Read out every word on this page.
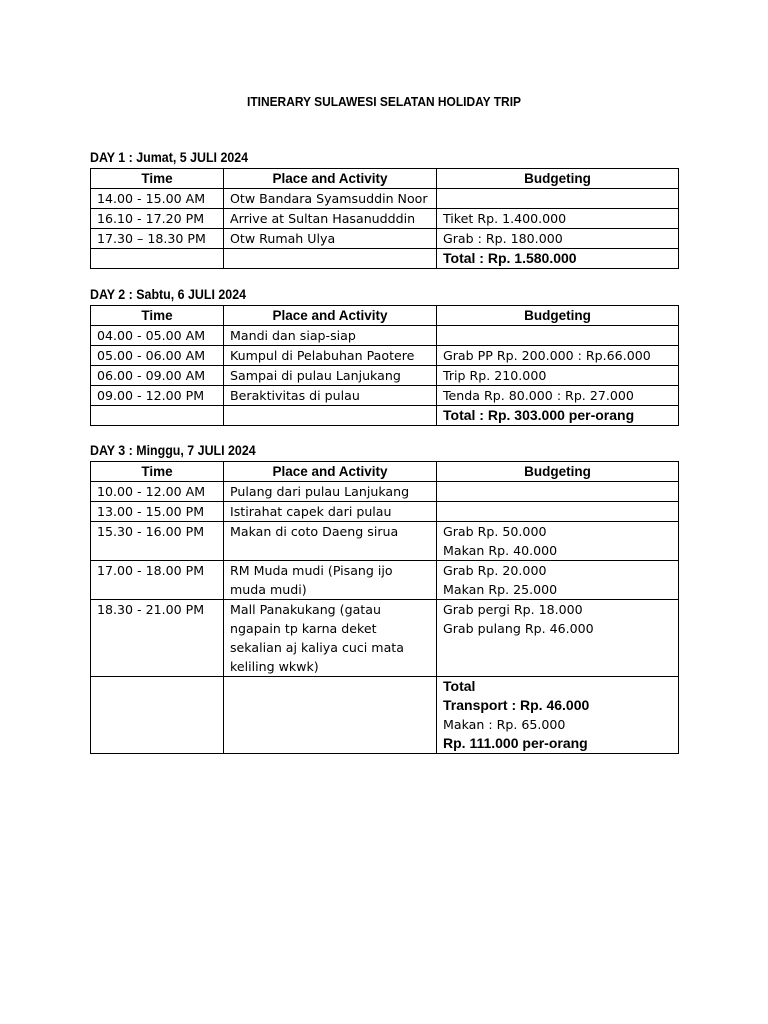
ITINERARY SULAWESI SELATAN HOLIDAY TRIP
DAY 1 : Jumat, 5 JULI 2024
Time	Place and Activity	Budgeting
14.00 - 15.00 AM	Otw Bandara Syamsuddin Noor	
16.10 - 17.20 PM	Arrive at Sultan Hasanudddin	Tiket Rp. 1.400.000
17.30 – 18.30 PM	Otw Rumah Ulya	Grab : Rp. 180.000
		Total : Rp. 1.580.000
DAY 2 : Sabtu, 6 JULI 2024
Time	Place and Activity	Budgeting
04.00 - 05.00 AM	Mandi dan siap-siap	
05.00 - 06.00 AM	Kumpul di Pelabuhan Paotere	Grab PP Rp. 200.000 : Rp.66.000
06.00 - 09.00 AM	Sampai di pulau Lanjukang	Trip Rp. 210.000
09.00 - 12.00 PM	Beraktivitas di pulau	Tenda Rp. 80.000 : Rp. 27.000
		Total : Rp. 303.000 per-orang
DAY 3 : Minggu, 7 JULI 2024
Time	Place and Activity	Budgeting
10.00 - 12.00 AM	Pulang dari pulau Lanjukang	
13.00 - 15.00 PM	Istirahat capek dari pulau	
15.30 - 16.00 PM	Makan di coto Daeng sirua	Grab Rp. 50.000
Makan Rp. 40.000

17.00 - 18.00 PM	RM Muda mudi (Pisang ijo muda mudi)	Grab Rp. 20.000
Makan Rp. 25.000

18.30 - 21.00 PM	Mall Panakukang (gatau ngapain tp karna deket sekalian aj kaliya cuci mata keliling wkwk)	Grab pergi Rp. 18.000
Grab pulang Rp. 46.000

		Total
Transport : Rp. 46.000
Makan : Rp. 65.000
Rp. 111.000 per-orang
